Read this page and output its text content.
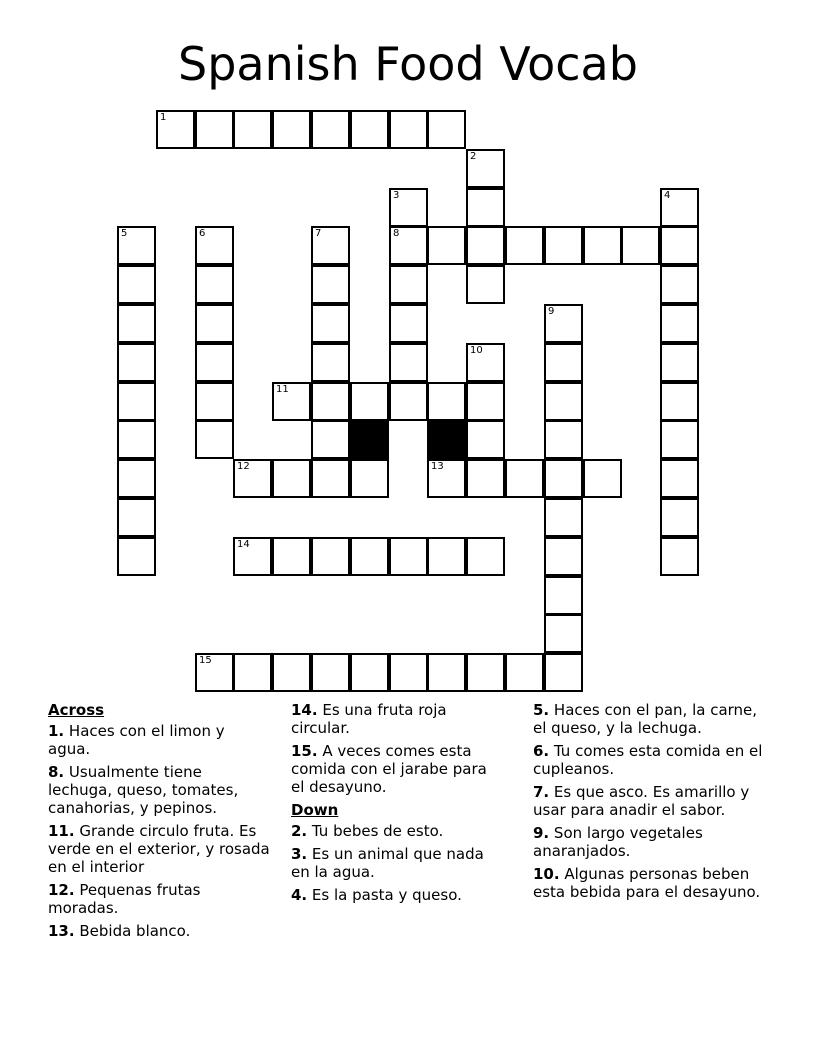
Spanish Food Vocab
1
2
3
8
4
5	6	7
9
10
11
12	13
14
15
Across
1. Haces con el limon y agua.
8. Usualmente tiene lechuga, queso, tomates, canahorias, y pepinos.
11. Grande circulo fruta. Es verde en el exterior, y rosada en el interior
12. Pequenas frutas moradas.
13. Bebida blanco.
14. Es una fruta roja circular.
15. A veces comes esta comida con el jarabe para el desayuno.
Down
2. Tu bebes de esto.
3. Es un animal que nada en la agua.
4. Es la pasta y queso.
5. Haces con el pan, la carne, el queso, y la lechuga.
6. Tu comes esta comida en el cupleanos.
7. Es que asco. Es amarillo y usar para anadir el sabor.
9. Son largo vegetales anaranjados.
10. Algunas personas beben esta bebida para el desayuno.
